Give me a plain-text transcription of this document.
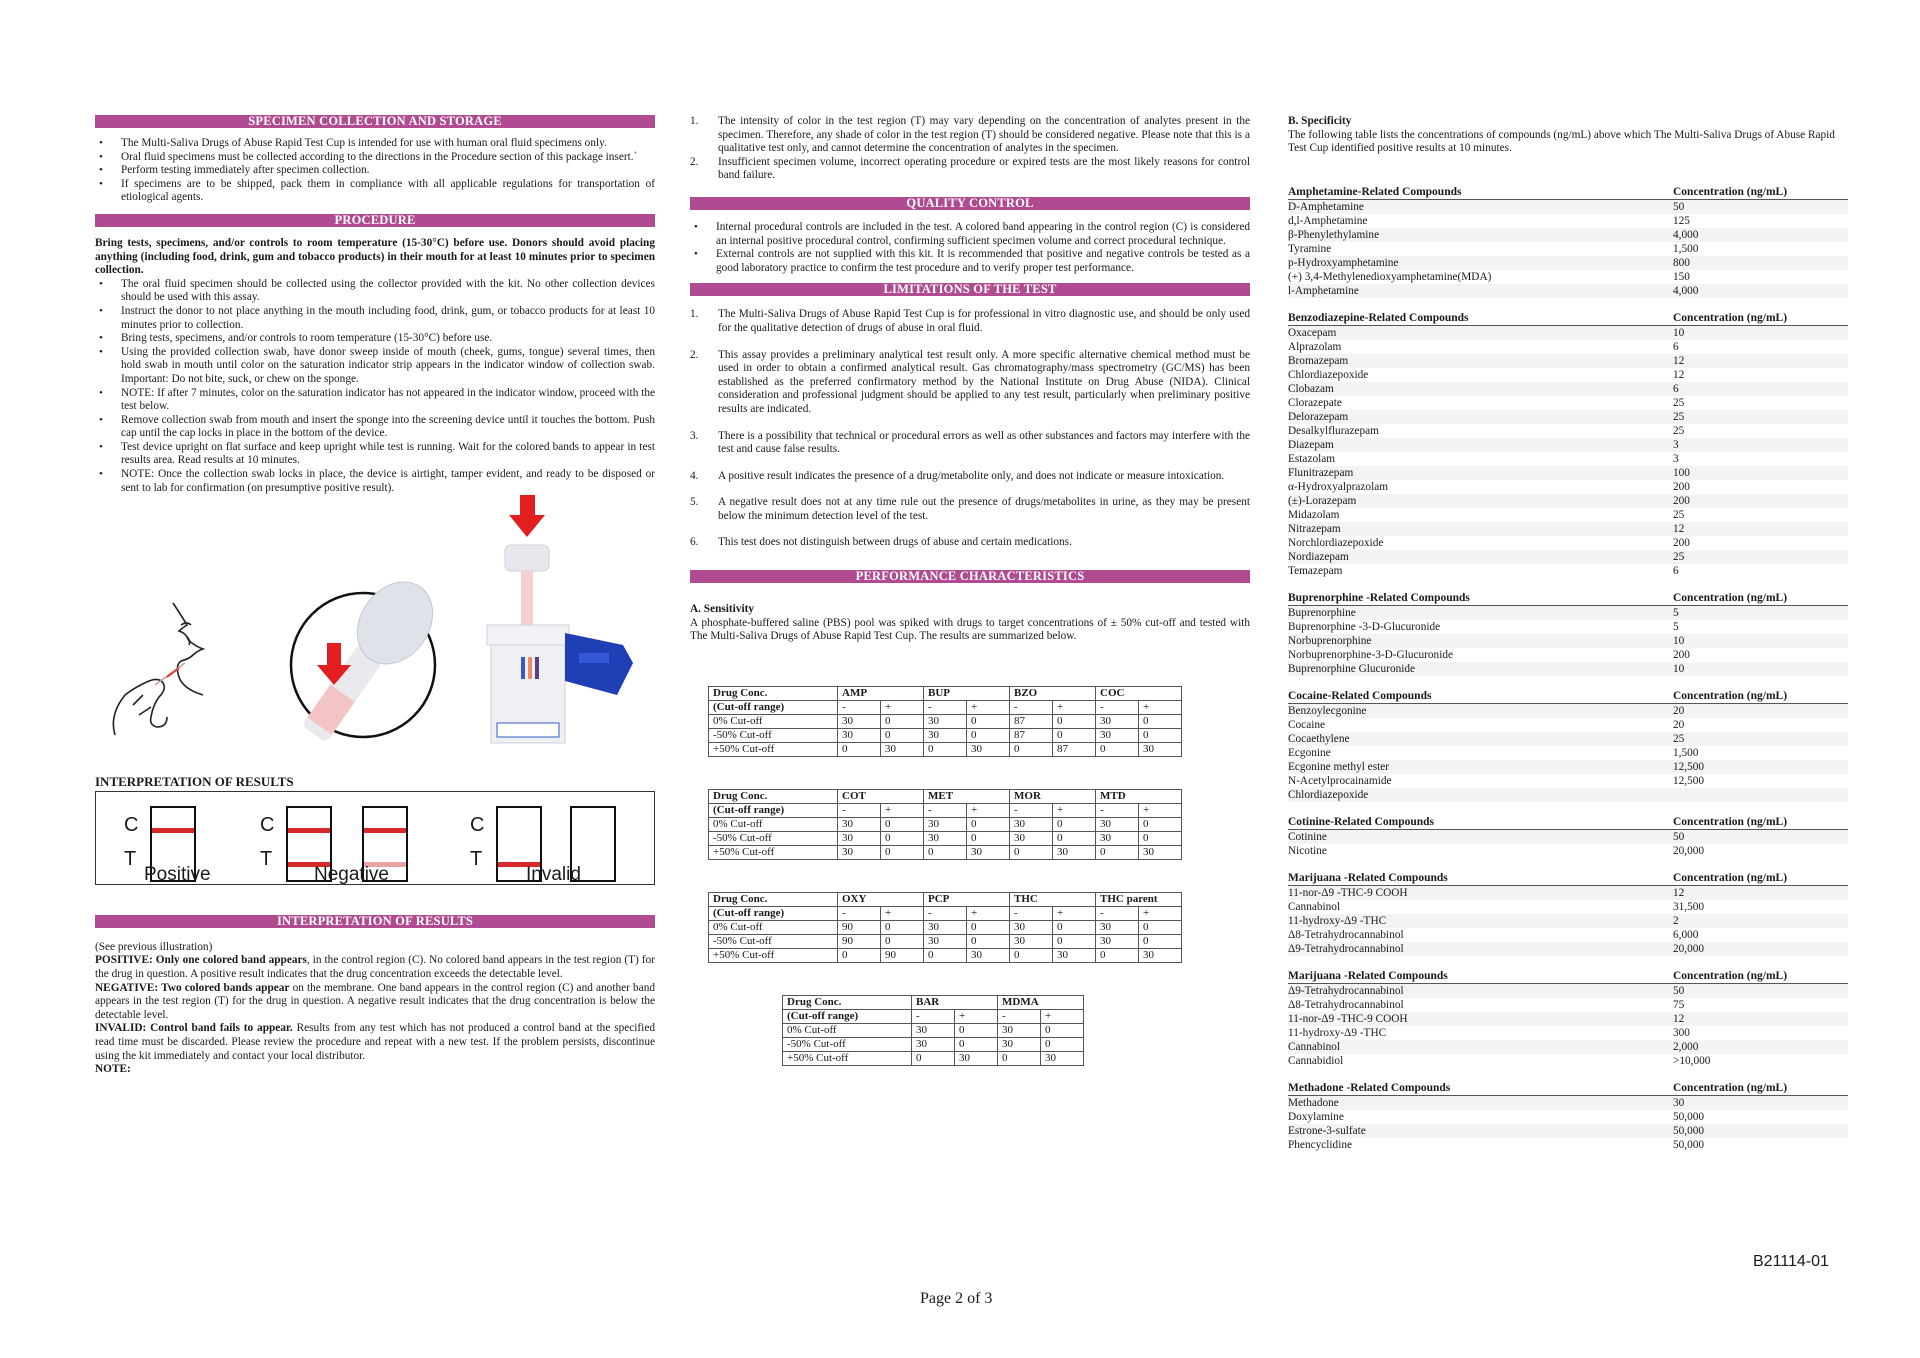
SPECIMEN COLLECTION AND STORAGE
• The Multi-Saliva Drugs of Abuse Rapid Test Cup is intended for use with human oral fluid specimens only.
• Oral fluid specimens must be collected according to the directions in the Procedure section of this package insert.`
• Perform testing immediately after specimen collection.
• If specimens are to be shipped, pack them in compliance with all applicable regulations for transportation of etiological agents.
PROCEDURE

Bring tests, specimens, and/or controls to room temperature (15-30°C) before use. Donors should avoid placing anything (including food, drink, gum and tobacco products) in their mouth for at least 10 minutes prior to specimen collection.

• The oral fluid specimen should be collected using the collector provided with the kit. No other collection devices should be used with this assay.
• Instruct the donor to not place anything in the mouth including food, drink, gum, or tobacco products for at least 10 minutes prior to collection.
• Bring tests, specimens, and/or controls to room temperature (15-30°C) before use.
• Using the provided collection swab, have donor sweep inside of mouth (cheek, gums, tongue) several times, then hold swab in mouth until color on the saturation indicator strip appears in the indicator window of collection swab. Important: Do not bite, suck, or chew on the sponge.
• NOTE: If after 7 minutes, color on the saturation indicator has not appeared in the indicator window, proceed with the test below.
• Remove collection swab from mouth and insert the sponge into the screening device until it touches the bottom. Push cap until the cap locks in place in the bottom of the device.
• Test device upright on flat surface and keep upright while test is running. Wait for the colored bands to appear in test results area. Read results at 10 minutes.
• NOTE: Once the collection swab locks in place, the device is airtight, tamper evident, and ready to be disposed or sent to lab for confirmation (on presumptive positive result).

INTERPRETATION OF RESULTS

C
T
Positive
C
T
Negative
C
T
Invalid
INTERPRETATION OF RESULTS

(See previous illustration)

POSITIVE: Only one colored band appears, in the control region (C). No colored band appears in the test region (T) for the drug in question. A positive result indicates that the drug concentration exceeds the detectable level.

NEGATIVE: Two colored bands appear on the membrane. One band appears in the control region (C) and another band appears in the test region (T) for the drug in question. A negative result indicates that the drug concentration is below the detectable level.

INVALID: Control band fails to appear. Results from any test which has not produced a control band at the specified read time must be discarded. Please review the procedure and repeat with a new test. If the problem persists, discontinue using the kit immediately and contact your local distributor.

NOTE:

1. The intensity of color in the test region (T) may vary depending on the concentration of analytes present in the specimen. Therefore, any shade of color in the test region (T) should be considered negative. Please note that this is a qualitative test only, and cannot determine the concentration of analytes in the specimen.
2. Insufficient specimen volume, incorrect operating procedure or expired tests are the most likely reasons for control band failure.
QUALITY CONTROL
• Internal procedural controls are included in the test. A colored band appearing in the control region (C) is considered an internal positive procedural control, confirming sufficient specimen volume and correct procedural technique.
• External controls are not supplied with this kit. It is recommended that positive and negative controls be tested as a good laboratory practice to confirm the test procedure and to verify proper test performance.
LIMITATIONS OF THE TEST
1. The Multi-Saliva Drugs of Abuse Rapid Test Cup is for professional in vitro diagnostic use, and should be only used for the qualitative detection of drugs of abuse in oral fluid.
2. This assay provides a preliminary analytical test result only. A more specific alternative chemical method must be used in order to obtain a confirmed analytical result. Gas chromatography/mass spectrometry (GC/MS) has been established as the preferred confirmatory method by the National Institute on Drug Abuse (NIDA). Clinical consideration and professional judgment should be applied to any test result, particularly when preliminary positive results are indicated.
3. There is a possibility that technical or procedural errors as well as other substances and factors may interfere with the test and cause false results.
4. A positive result indicates the presence of a drug/metabolite only, and does not indicate or measure intoxication.
5. A negative result does not at any time rule out the presence of drugs/metabolites in urine, as they may be present below the minimum detection level of the test.
6. This test does not distinguish between drugs of abuse and certain medications.
PERFORMANCE CHARACTERISTICS

A. Sensitivity

A phosphate-buffered saline (PBS) pool was spiked with drugs to target concentrations of ± 50% cut-off and tested with The Multi-Saliva Drugs of Abuse Rapid Test Cup. The results are summarized below.

Drug Conc.	AMP		BUP		BZO		COC	
(Cut-off range)	-	+	-	+	-	+	-	+
0% Cut-off	30	0	30	0	87	0	30	0
-50% Cut-off	30	0	30	0	87	0	30	0
+50% Cut-off	0	30	0	30	0	87	0	30
Drug Conc.	COT		MET		MOR		MTD	
(Cut-off range)	-	+	-	+	-	+	-	+
0% Cut-off	30	0	30	0	30	0	30	0
-50% Cut-off	30	0	30	0	30	0	30	0
+50% Cut-off	30	0	0	30	0	30	0	30
Drug Conc.	OXY		PCP		THC		THC parent	
(Cut-off range)	-	+	-	+	-	+	-	+
0% Cut-off	90	0	30	0	30	0	30	0
-50% Cut-off	90	0	30	0	30	0	30	0
+50% Cut-off	0	90	0	30	0	30	0	30
Drug Conc.	BAR		MDMA	
(Cut-off range)	-	+	-	+
0% Cut-off	30	0	30	0
-50% Cut-off	30	0	30	0
+50% Cut-off	0	30	0	30

B. Specificity

The following table lists the concentrations of compounds (ng/mL) above which The Multi-Saliva Drugs of Abuse Rapid Test Cup identified positive results at 10 minutes.

Amphetamine-Related Compounds	Concentration (ng/mL)
D-Amphetamine	50
d,l-Amphetamine	125
β-Phenylethylamine	4,000
Tyramine	1,500
p-Hydroxyamphetamine	800
(+) 3,4-Methylenedioxyamphetamine(MDA)	150
l-Amphetamine	4,000
Benzodiazepine-Related Compounds	Concentration (ng/mL)
Oxacepam	10
Alprazolam	6
Bromazepam	12
Chlordiazepoxide	12
Clobazam	6
Clorazepate	25
Delorazepam	25
Desalkylflurazepam	25
Diazepam	3
Estazolam	3
Flunitrazepam	100
α-Hydroxyalprazolam	200
(±)-Lorazepam	200
Midazolam	25
Nitrazepam	12
Norchlordiazepoxide	200
Nordiazepam	25
Temazepam	6
Buprenorphine -Related Compounds	Concentration (ng/mL)
Buprenorphine	5
Buprenorphine -3-D-Glucuronide	5
Norbuprenorphine	10
Norbuprenorphine-3-D-Glucuronide	200
Buprenorphine Glucuronide	10
Cocaine-Related Compounds	Concentration (ng/mL)
Benzoylecgonine	20
Cocaine	20
Cocaethylene	25
Ecgonine	1,500
Ecgonine methyl ester	12,500
N-Acetylprocainamide	12,500
Chlordiazepoxide
Cotinine-Related Compounds	Concentration (ng/mL)
Cotinine	50
Nicotine	20,000
Marijuana -Related Compounds	Concentration (ng/mL)
11-nor-Δ9 -THC-9 COOH	12
Cannabinol	31,500
11-hydroxy-Δ9 -THC	2
Δ8-Tetrahydrocannabinol	6,000
Δ9-Tetrahydrocannabinol	20,000
Marijuana -Related Compounds	Concentration (ng/mL)
Δ9-Tetrahydrocannabinol	50
Δ8-Tetrahydrocannabinol	75
11-nor-Δ9 -THC-9 COOH	12
11-hydroxy-Δ9 -THC	300
Cannabinol	2,000
Cannabidiol	>10,000
Methadone -Related Compounds	Concentration (ng/mL)
Methadone	30
Doxylamine	50,000
Estrone-3-sulfate	50,000
Phencyclidine	50,000
B21114-01
Page 2 of 3
